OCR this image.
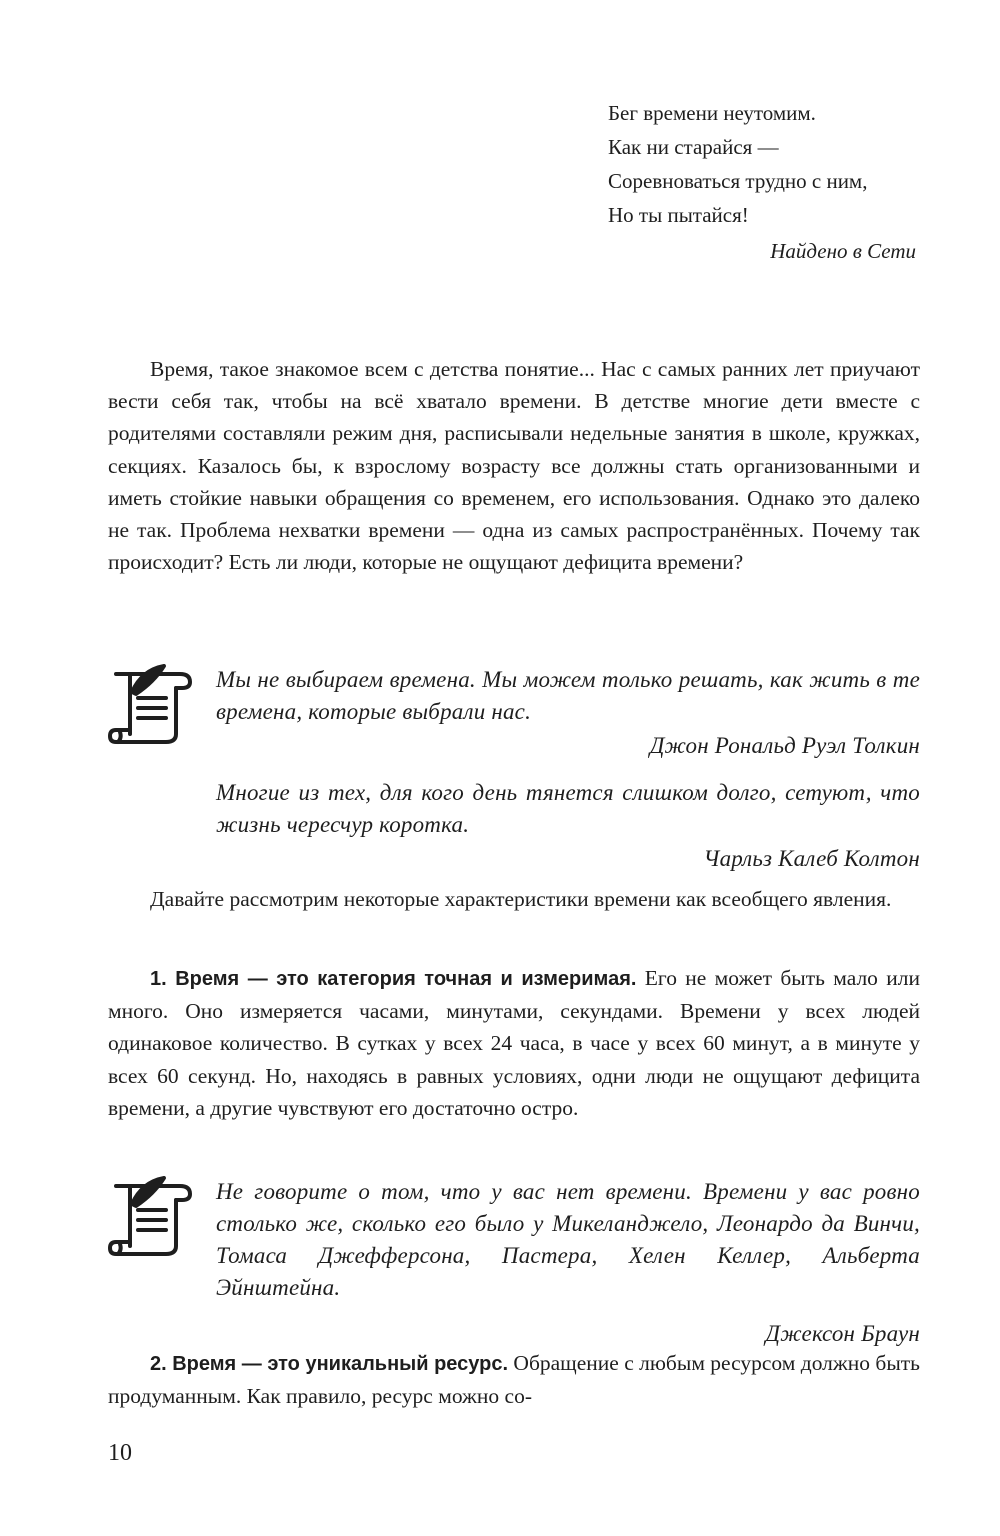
Бег времени неутомим.
Как ни старайся —
Соревноваться трудно с ним,
Но ты пытайся!
Найдено в Сети

Время, такое знакомое всем с детства понятие... Нас с самых ранних лет приучают вести себя так, чтобы на всё хватало времени. В детстве многие дети вместе с родителями составляли режим дня, расписывали недельные занятия в школе, кружках, секциях. Казалось бы, к взрослому возрасту все должны стать организованными и иметь стойкие навыки обращения со временем, его использования. Однако это далеко не так. Проблема нехватки времени — одна из самых распространённых. Почему так происходит? Есть ли люди, которые не ощущают дефицита времени?

Мы не выбираем времена. Мы можем только решать, как жить в те времена, которые выбрали нас.
Джон Рональд Руэл Толкин
Многие из тех, для кого день тянется слишком долго, сетуют, что жизнь чересчур коротка.
Чарльз Калеб Колтон

Давайте рассмотрим некоторые характеристики времени как всеобщего явления.

1. Время — это категория точная и измеримая. Его не может быть мало или много. Оно измеряется часами, минутами, секундами. Времени у всех людей одинаковое количество. В сутках у всех 24 часа, в часе у всех 60 минут, а в минуте у всех 60 секунд. Но, находясь в равных условиях, одни люди не ощущают дефицита времени, а другие чувствуют его достаточно остро.

Не говорите о том, что у вас нет времени. Времени у вас ровно столько же, сколько его было у Микеланджело, Леонардо да Винчи, Томаса Джефферсона, Пастера, Хелен Келлер, Альберта Эйнштейна.
Джексон Браун

2. Время — это уникальный ресурс. Обращение с любым ресурсом должно быть продуманным. Как правило, ресурс можно со-

10
